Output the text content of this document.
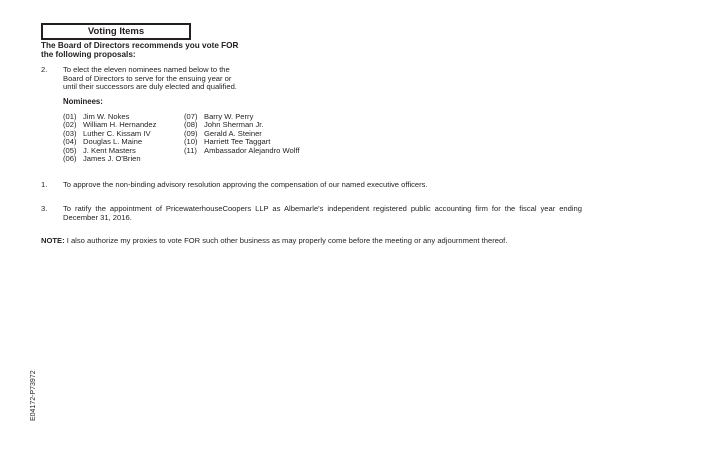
Voting Items
The Board of Directors recommends you vote FOR the following proposals:
2. To elect the eleven nominees named below to the Board of Directors to serve for the ensuing year or until their successors are duly elected and qualified.
Nominees:
(01) Jim W. Nokes
(02) William H. Hernandez
(03) Luther C. Kissam IV
(04) Douglas L. Maine
(05) J. Kent Masters
(06) James J. O'Brien
(07) Barry W. Perry
(08) John Sherman Jr.
(09) Gerald A. Steiner
(10) Harriett Tee Taggart
(11) Ambassador Alejandro Wolff
1. To approve the non-binding advisory resolution approving the compensation of our named executive officers.
3. To ratify the appointment of PricewaterhouseCoopers LLP as Albemarle's independent registered public accounting firm for the fiscal year ending December 31, 2016.
NOTE: I also authorize my proxies to vote FOR such other business as may properly come before the meeting or any adjournment thereof.
E04172-P73972
